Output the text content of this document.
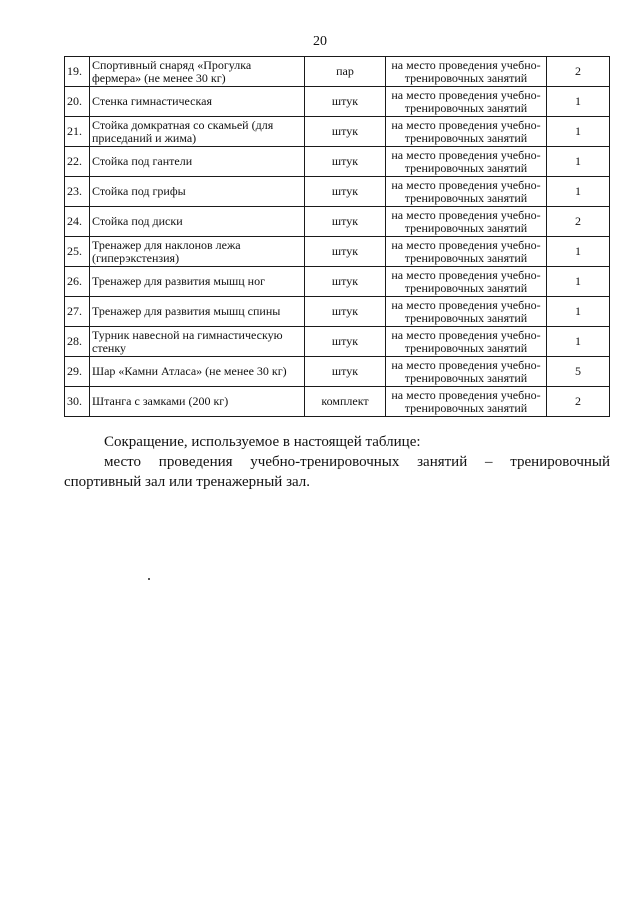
20
19.	Спортивный снаряд «Прогулка фермера» (не менее 30 кг)	пар	на место проведения учебно-тренировочных занятий	2
20.	Стенка гимнастическая	штук	на место проведения учебно-тренировочных занятий	1
21.	Стойка домкратная со скамьей (для приседаний и жима)	штук	на место проведения учебно-тренировочных занятий	1
22.	Стойка под гантели	штук	на место проведения учебно-тренировочных занятий	1
23.	Стойка под грифы	штук	на место проведения учебно-тренировочных занятий	1
24.	Стойка под диски	штук	на место проведения учебно-тренировочных занятий	2
25.	Тренажер для наклонов лежа (гиперэкстензия)	штук	на место проведения учебно-тренировочных занятий	1
26.	Тренажер для развития мышц ног	штук	на место проведения учебно-тренировочных занятий	1
27.	Тренажер для развития мышц спины	штук	на место проведения учебно-тренировочных занятий	1
28.	Турник навесной на гимнастическую стенку	штук	на место проведения учебно-тренировочных занятий	1
29.	Шар «Камни Атласа» (не менее 30 кг)	штук	на место проведения учебно-тренировочных занятий	5
30.	Штанга с замками (200 кг)	комплект	на место проведения учебно-тренировочных занятий	2
Сокращение, используемое в настоящей таблице:
место проведения учебно-тренировочных занятий – тренировочный спортивный зал или тренажерный зал.
